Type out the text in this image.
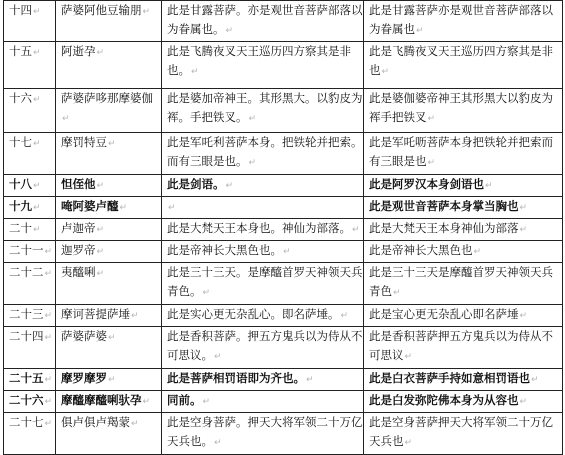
十四↵	萨婆阿他豆输朋↵	此是甘露菩萨。亦是观世音菩萨部落以为眷属也。↵	此是甘露菩萨亦是观世音菩萨部落以为眷属也↵
十五↵	阿逝孕↵	此是飞腾夜叉天王巡历四方察其是非也。↵	此是飞腾夜叉天王巡历四方察其是非也↵
十六↵	萨婆萨哆那摩婆伽↵	此是婆加帝神王。其形黑大。以豹皮为裈。手把铁叉。↵	此是婆伽婆帝神王其形黑大以豹皮为裈手把铁叉↵
十七↵	摩罚特豆↵	此是军吒利菩萨本身。把铁轮并把索。而有三眼是也。↵	此是军吒呖菩萨本身把铁轮并把索而有三眼是也↵
十八↵	怛侄他↵	此是剑语。↵	此是阿罗汉本身剑语也↵
十九↵	唵阿婆卢醯↵	↵	此是观世音菩萨本身掌当胸也↵
二十↵	卢迦帝↵	此是大梵天王本身也。神仙为部落。↵	此是大梵天王本身神仙为部落↵
二十一↵	迦罗帝↵	此是帝神长大黑色也。↵	此是帝神长大黑色也↵
二十二↵	夷醯唎↵	此是三十三天。是摩醯首罗天神领天兵青色。↵	此是三十三天是摩醯首罗天神领天兵青色↵
二十三↵	摩诃菩提萨埵↵	此是实心更无杂乱心。即名萨埵。↵	此是宝心更无杂乱心即名萨埵↵
二十四↵	萨婆萨婆↵	此是香积菩萨。押五方鬼兵以为侍从不可思议。↵	此是香积菩萨押五方鬼兵以为侍从不可思议↵
二十五↵	摩罗摩罗↵	此是菩萨相罚语即为齐也。↵	此是白衣菩萨手持如意相罚语也↵
二十六↵	摩醯摩醯唎驮孕↵	同前。↵	此是白发弥陀佛本身为从容也↵
二十七↵	俱卢俱卢羯蒙↵	此是空身菩萨。押天大将军领二十万亿天兵也。↵	此是空身菩萨押天大将军领二十万亿天兵也↵
